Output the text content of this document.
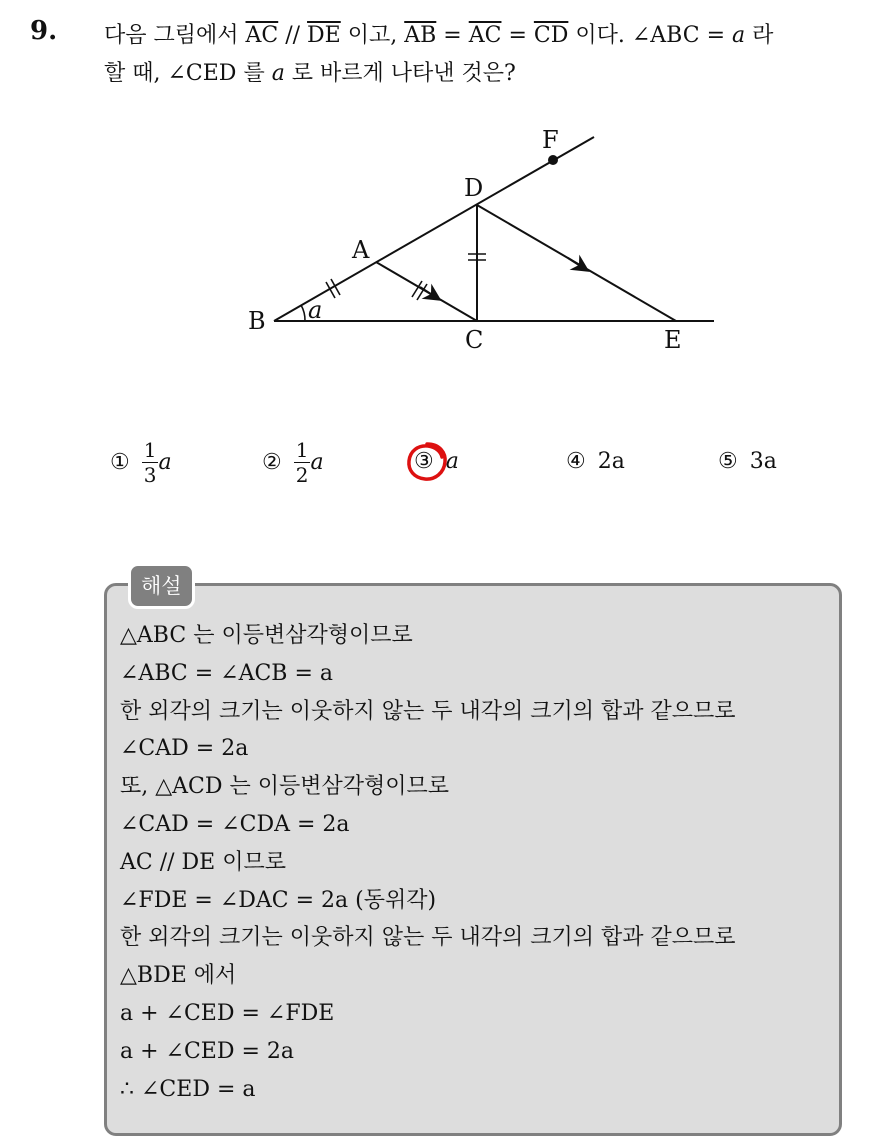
9. 다음 그림에서 $\overline{AC} // \overline{DE}$ 이고, $\overline{AB} = \overline{AC} = \overline{CD}$ 이다. ∠ABC = a 라
할 때, ∠CED 를 a 로 바르게 나타낸 것은?
F
D
A
B
C	E
a
① $\frac{1}{3}$ a	② $\frac{1}{2}$ a	③ a	④ 2a	⑤ 3a
해설
△ABC 는 이등변삼각형이므로
∠ABC = ∠ACB = a
한 외각의 크기는 이웃하지 않는 두 내각의 크기의 합과 같으므로
∠CAD = 2a
또, △ACD 는 이등변삼각형이므로
∠CAD = ∠CDA = 2a
AC // DE 이므로
∠FDE = ∠DAC = 2a (동위각)
한 외각의 크기는 이웃하지 않는 두 내각의 크기의 합과 같으므로
△BDE 에서
a + ∠CED = ∠FDE
a + ∠CED = 2a
∴ ∠CED = a
